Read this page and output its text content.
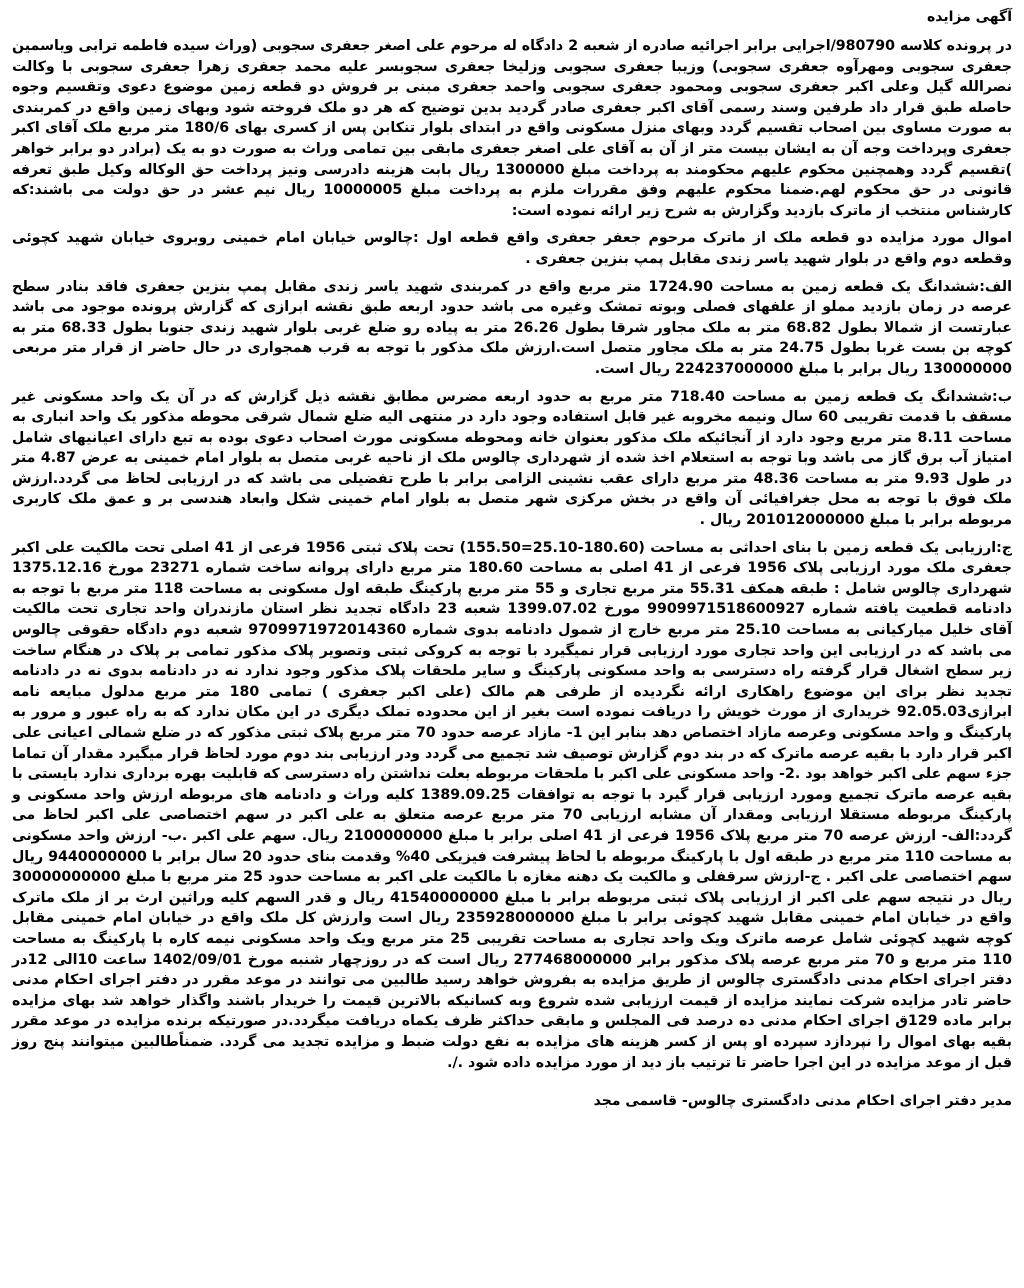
آگهی مزایده

در پرونده کلاسه 980790/اجرایی برابر اجرائیه صادره از شعبه 2 دادگاه له مرحوم علی اصغر جعفری سجوبی (وراث سیده فاطمه ترابی ویاسمین جعفری سجوبی ومهرآوه جعفری سجوبی) وزیبا جعفری سجوبی وزلیخا جعفری سجوبسر علیه محمد جعفری زهرا جعفری سجوبی با وکالت نصرالله گیل وعلی اکبر جعفری سجوبی ومحمود جعفری سجوبی واحمد جعفری مبنی بر فروش دو قطعه زمین موضوع دعوی وتقسیم وجوه حاصله طبق قرار داد طرفین وسند رسمی آقای اکبر جعفری صادر گردید بدین توضیح که هر دو ملک فروخته شود وبهای زمین واقع در کمربندی به صورت مساوی بین اصحاب تقسیم گردد وبهای منزل مسکونی واقع در ابتدای بلوار تنکابن پس از کسری بهای 180/6 متر مربع ملک آقای اکبر جعفری وپرداخت وجه آن به ایشان بیست متر از آن به آقای علی اصغر جعفری مابقی بین تمامی وراث به صورت دو به یک (برادر دو برابر خواهر )تقسیم گردد وهمچنین محکوم علیهم محکومند به پرداخت مبلغ 1300000 ریال بابت هزینه دادرسی ونیز پرداخت حق الوکاله وکیل طبق تعرفه قانونی در حق محکوم لهم.ضمنا محکوم علیهم وفق مقررات ملزم به پرداخت مبلغ 10000005 ریال نیم عشر در حق دولت می باشند:که کارشناس منتخب از ماترک بازدید وگزارش به شرح زیر ارائه نموده است:

اموال مورد مزایده دو قطعه ملک از ماترک مرحوم جعفر جعفری واقع قطعه اول :چالوس خیابان امام خمینی روبروی خیابان شهید کچوئی وقطعه دوم واقع در بلوار شهید یاسر زندی مقابل پمپ بنزین جعفری .

الف:ششدانگ یک قطعه زمین به مساحت 1724.90 متر مربع واقع در کمربندی شهید یاسر زندی مقابل پمپ بنزین جعفری فاقد بنادر سطح عرصه در زمان بازدید مملو از علفهای فصلی وبوته تمشک وغیره می باشد حدود اربعه طبق نقشه ابرازی که گزارش پرونده موجود می باشد عبارتست از شمالا بطول 68.82 متر به ملک مجاور شرقا بطول 26.26 متر به پیاده رو ضلع غربی بلوار شهید زندی جنوبا بطول 68.33 متر به کوچه بن بست غربا بطول 24.75 متر به ملک مجاور متصل است.ارزش ملک مذکور با توجه به قرب همجواری در حال حاضر از قرار متر مربعی 130000000 ریال برابر با مبلغ 224237000000 ریال است.

ب:ششدانگ یک قطعه زمین به مساحت 718.40 متر مربع به حدود اربعه مضرس مطابق نقشه ذیل گزارش که در آن یک واحد مسکونی غیر مسقف با قدمت تقریبی 60 سال ونیمه مخروبه غیر قابل استفاده وجود دارد در منتهی الیه ضلع شمال شرقی محوطه مذکور یک واحد انباری به مساحت 8.11 متر مربع وجود دارد از آنجائیکه ملک مذکور بعنوان خانه ومحوطه مسکونی مورث اصحاب دعوی بوده به تبع دارای اعیانیهای شامل امتیاز آب برق گاز می باشد وبا توجه به استعلام اخذ شده از شهرداری چالوس ملک از ناحیه غربی متصل به بلوار امام خمینی به عرض 4.87 متر در طول 9.93 متر به مساحت 48.36 متر مربع دارای عقب نشینی الزامی برابر با طرح تفضیلی می باشد که در ارزیابی لحاظ می گردد.ارزش ملک فوق با توجه به محل جغرافیائی آن واقع در بخش مرکزی شهر متصل به بلوار امام خمینی شکل وابعاد هندسی بر و عمق ملک کاربری مربوطه برابر با مبلغ 201012000000 ریال .

ج:ارزیابی یک قطعه زمین با بنای احداثی به مساحت (180.60-25.10=155.50) تحت پلاک ثبتی 1956 فرعی از 41 اصلی تحت مالکیت علی اکبر جعفری ملک مورد ارزیابی پلاک 1956 فرعی از 41 اصلی به مساحت 180.60 متر مربع دارای پروانه ساخت شماره 23271 مورخ 1375.12.16 شهرداری چالوس شامل : طبقه همکف 55.31 متر مربع تجاری و 55 متر مربع پارکینگ طبقه اول مسکونی به مساحت 118 متر مربع با توجه به دادنامه قطعیت یافته شماره 9909971518600927 مورخ 1399.07.02 شعبه 23 دادگاه تجدید نظر استان مازندران واحد تجاری تحت مالکیت آقای خلیل میارکیانی به مساحت 25.10 متر مربع خارج از شمول دادنامه بدوی شماره 9709971972014360 شعبه دوم دادگاه حقوقی چالوس می باشد که در ارزیابی این واحد تجاری مورد ارزیابی قرار نمیگیرد با توجه به کروکی ثبتی وتصویر پلاک مذکور تمامی بر پلاک در هنگام ساخت زیر سطح اشغال قرار گرفته راه دسترسی به واحد مسکونی پارکینگ و سایر ملحقات پلاک مذکور وجود ندارد نه در دادنامه بدوی نه در دادنامه تجدید نظر برای این موضوع راهکاری ارائه نگردیده از طرفی هم مالک (علی اکبر جعفری ) تمامی 180 متر مربع مدلول مبایعه نامه ابرازی92.05.03 خریداری از مورث خویش را دریافت نموده است بغیر از این محدوده تملک دیگری در این مکان ندارد که به راه عبور و مرور به پارکینگ و واحد مسکونی وعرصه مازاد اختصاص دهد بنابر این 1- مازاد عرصه حدود 70 متر مربع پلاک ثبتی مذکور که در ضلع شمالی اعیانی علی اکبر قرار دارد با بقیه عرصه ماترک که در بند دوم گزارش توصیف شد تجمیع می گردد ودر ارزیابی بند دوم مورد لحاظ قرار میگیرد مقدار آن تماما جزء سهم علی اکبر خواهد بود .2- واحد مسکونی علی اکبر با ملحقات مربوطه بعلت نداشتن راه دسترسی که قابلیت بهره برداری ندارد بایستی با بقیه عرصه ماترک تجمیع ومورد ارزیابی قرار گیرد با توجه به توافقات 1389.09.25 کلیه وراث و دادنامه های مربوطه ارزش واحد مسکونی و پارکینگ مربوطه مستقلا ارزیابی ومقدار آن مشابه ارزیابی 70 متر مربع عرصه متعلق به علی اکبر در سهم اختصاصی علی اکبر لحاظ می گردد:الف- ارزش عرصه 70 متر مربع پلاک 1956 فرعی از 41 اصلی برابر با مبلغ 2100000000 ریال. سهم علی اکبر .ب- ارزش واحد مسکونی به مساحت 110 متر مربع در طبقه اول با پارکینگ مربوطه با لحاظ پیشرفت فیزیکی 40% وقدمت بنای حدود 20 سال برابر با 9440000000 ریال سهم اختصاصی علی اکبر . ج-ارزش سرقفلی و مالکیت یک دهنه مغازه با مالکیت علی اکبر به مساحت حدود 25 متر مربع با مبلغ 30000000000 ریال در نتیجه سهم علی اکبر از ارزیابی پلاک ثبتی مربوطه برابر با مبلغ 41540000000 ریال و قدر السهم کلیه وراثین ارث بر از ملک ماترک واقع در خیابان امام خمینی مقابل شهید کچوئی برابر با مبلغ 235928000000 ریال است وارزش کل ملک واقع در خیابان امام خمینی مقابل کوچه شهید کچوئی شامل عرصه ماترک ویک واحد تجاری به مساحت تقریبی 25 متر مربع ویک واحد مسکونی نیمه کاره با پارکینگ به مساحت 110 متر مربع و 70 متر مربع عرصه پلاک مذکور برابر 277468000000 ریال است که در روزچهار شنبه مورخ 1402/09/01 ساعت 10الی 12در دفتر اجرای احکام مدنی دادگستری چالوس از طریق مزایده به بفروش خواهد رسید طالبین می توانند در موعد مقرر در دفتر اجرای احکام مدنی حاضر تادر مزایده شرکت نمایند مزایده از قیمت ارزیابی شده شروع وبه کسانیکه بالاترین قیمت را خریدار باشند واگذار خواهد شد بهای مزایده برابر ماده 129ق اجرای احکام مدنی ده درصد فی المجلس و مابقی حداکثر ظرف یکماه دریافت میگردد.در صورتیکه برنده مزایده در موعد مقرر بقیه بهای اموال را نپردازد سپرده او پس از کسر هزینه های مزایده به نفع دولت ضبط و مزایده تجدید می گردد. ضمناًطالبین میتوانند پنج روز قبل از موعد مزایده در این اجرا حاضر تا ترتیب باز دید از مورد مزایده داده شود ./.

مدیر دفتر اجرای احکام مدنی دادگستری چالوس- قاسمی مجد
